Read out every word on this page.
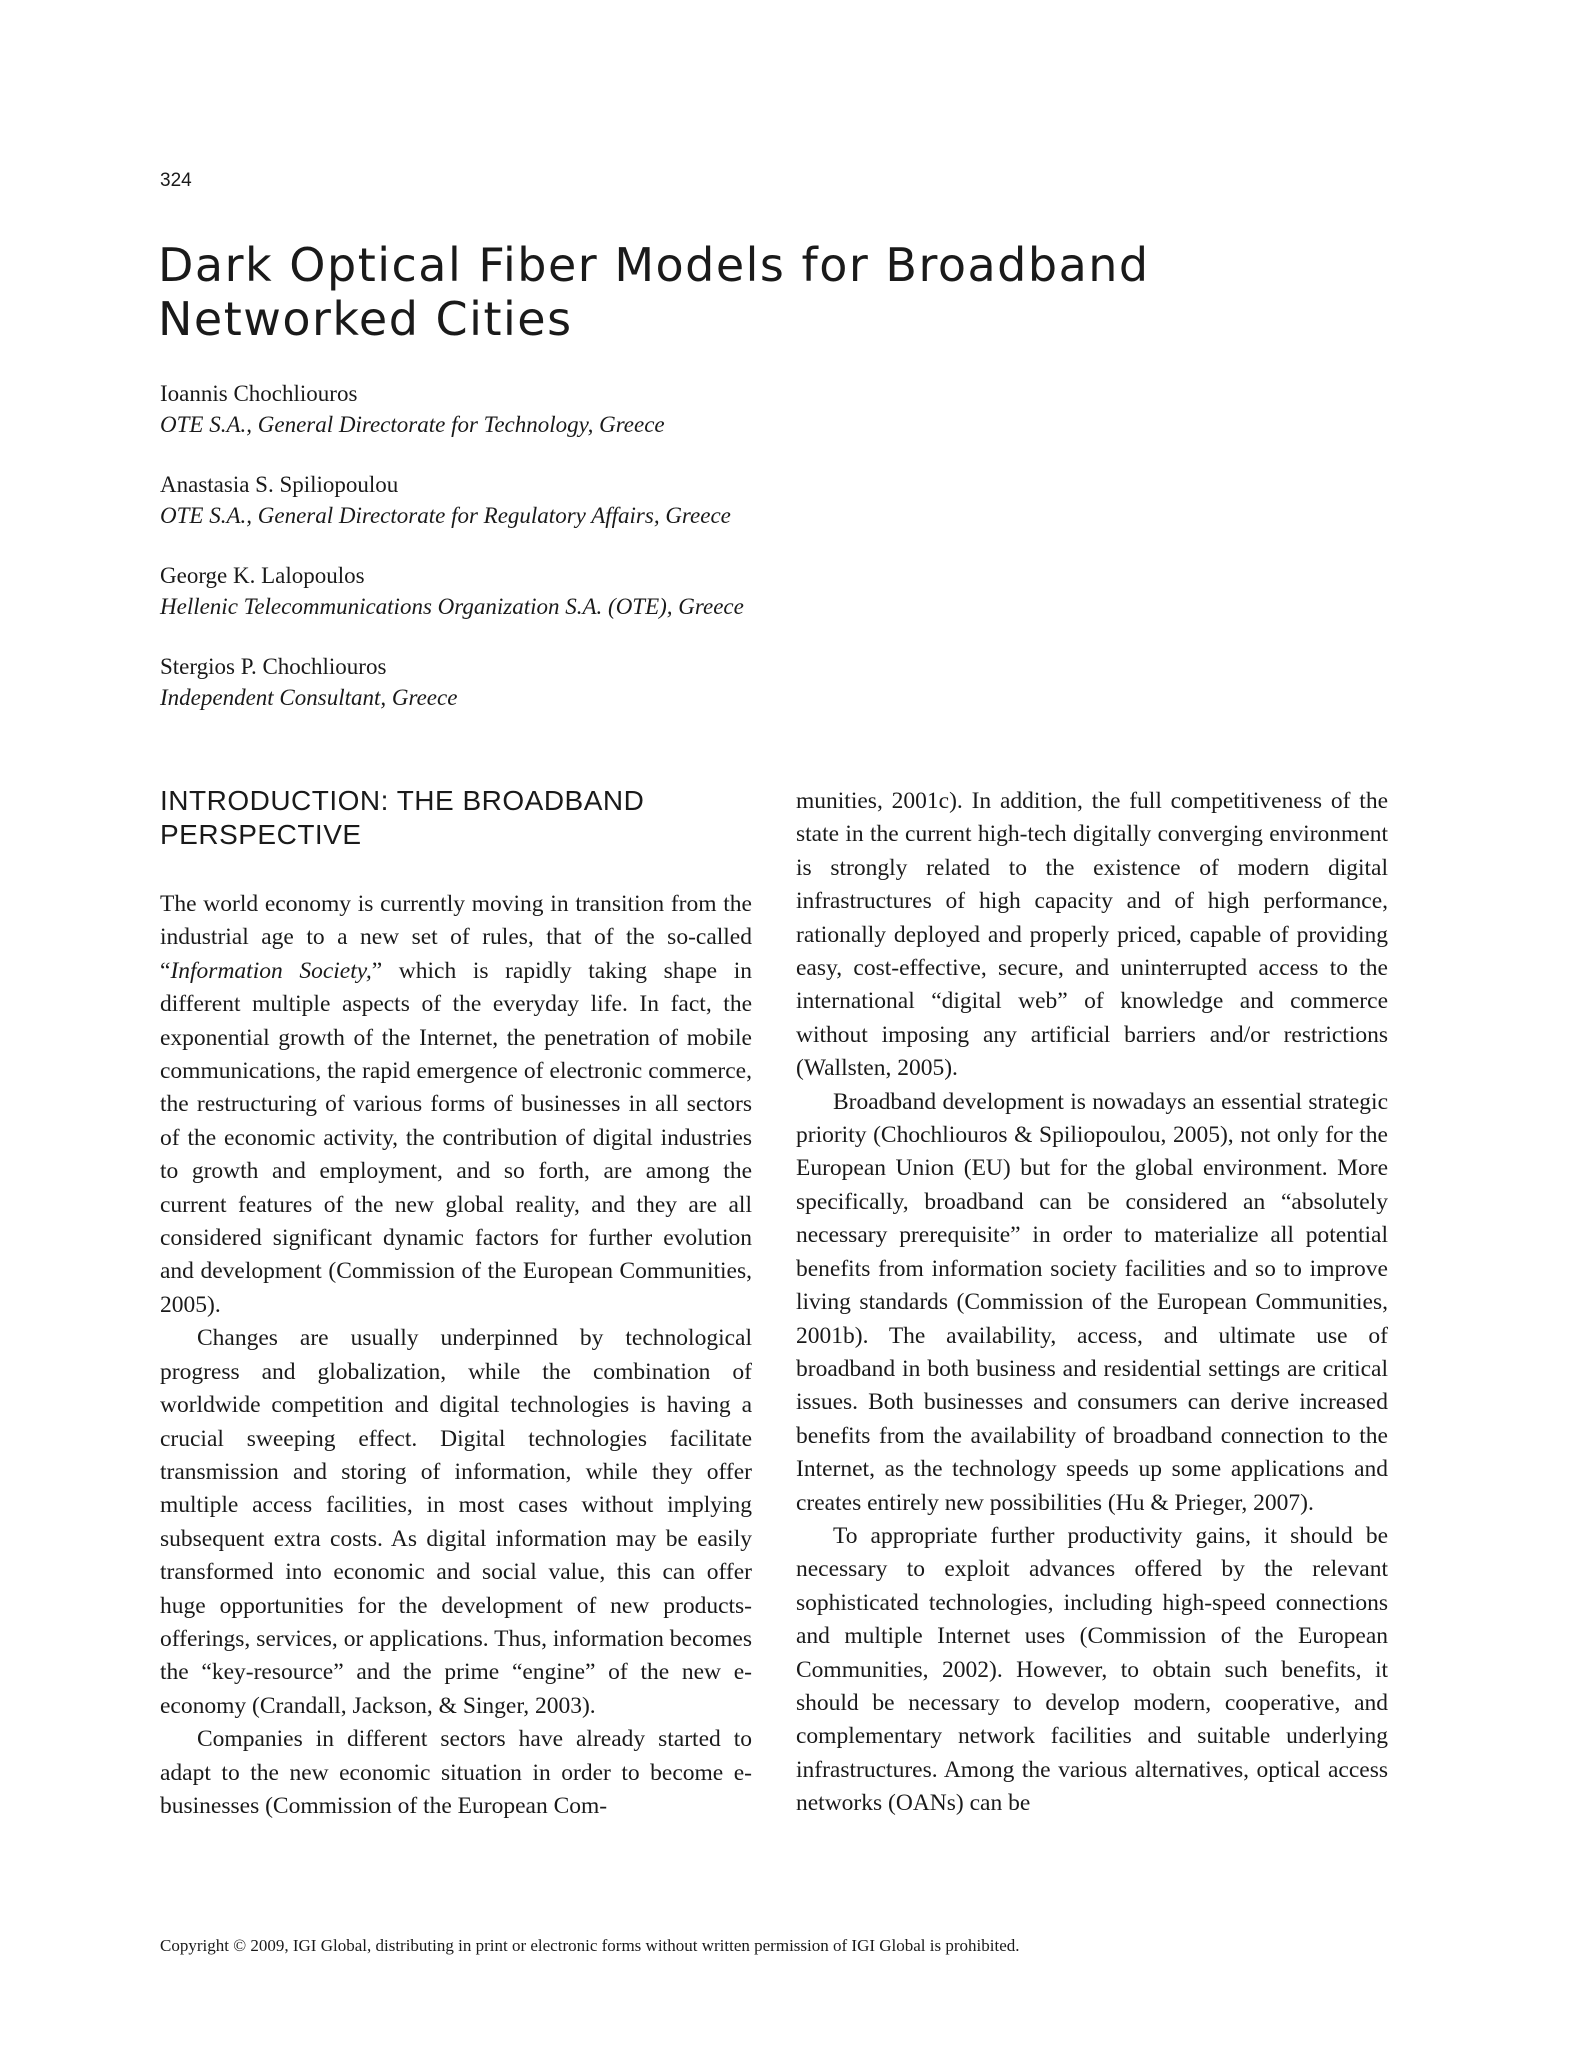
324
Dark Optical Fiber Models for Broadband
Networked Cities
Ioannis Chochliouros
OTE S.A., General Directorate for Technology, Greece
Anastasia S. Spiliopoulou
OTE S.A., General Directorate for Regulatory Affairs, Greece
George K. Lalopoulos
Hellenic Telecommunications Organization S.A. (OTE), Greece
Stergios P. Chochliouros
Independent Consultant, Greece
INTRODUCTION: THE BROADBAND
PERSPECTIVE

The world economy is currently moving in transition from the industrial age to a new set of rules, that of the so-called “Information Society,” which is rapidly taking shape in different multiple aspects of the everyday life. In fact, the exponential growth of the Internet, the penetration of mobile communications, the rapid emergence of electronic commerce, the restructuring of various forms of businesses in all sectors of the economic activity, the contribution of digital industries to growth and employment, and so forth, are among the current features of the new global reality, and they are all considered significant dynamic factors for further evolution and development (Commission of the European Communities, 2005).

Changes are usually underpinned by technological progress and globalization, while the combination of worldwide competition and digital technologies is having a crucial sweeping effect. Digital technologies facilitate transmission and storing of information, while they offer multiple access facilities, in most cases without implying subsequent extra costs. As digital information may be easily transformed into economic and social value, this can offer huge opportunities for the development of new products-offerings, services, or applications. Thus, information becomes the “key-resource” and the prime “engine” of the new e-economy (Crandall, Jackson, & Singer, 2003).

Companies in different sectors have already started to adapt to the new economic situation in order to become e-businesses (Commission of the European Com-

munities, 2001c). In addition, the full competitiveness of the state in the current high-tech digitally converging environment is strongly related to the existence of modern digital infrastructures of high capacity and of high performance, rationally deployed and properly priced, capable of providing easy, cost-effective, secure, and uninterrupted access to the international “digital web” of knowledge and commerce without imposing any artificial barriers and/or restrictions (Wallsten, 2005).

Broadband development is nowadays an essential strategic priority (Chochliouros & Spiliopoulou, 2005), not only for the European Union (EU) but for the global environment. More specifically, broadband can be considered an “absolutely necessary prerequisite” in order to materialize all potential benefits from information society facilities and so to improve living standards (Commission of the European Communities, 2001b). The availability, access, and ultimate use of broadband in both business and residential settings are critical issues. Both businesses and consumers can derive increased benefits from the availability of broadband connection to the Internet, as the technology speeds up some applications and creates entirely new possibilities (Hu & Prieger, 2007).

To appropriate further productivity gains, it should be necessary to exploit advances offered by the relevant sophisticated technologies, including high-speed connections and multiple Internet uses (Commission of the European Communities, 2002). However, to obtain such benefits, it should be necessary to develop modern, cooperative, and complementary network facilities and suitable underlying infrastructures. Among the various alternatives, optical access networks (OANs) can be

Copyright © 2009, IGI Global, distributing in print or electronic forms without written permission of IGI Global is prohibited.
